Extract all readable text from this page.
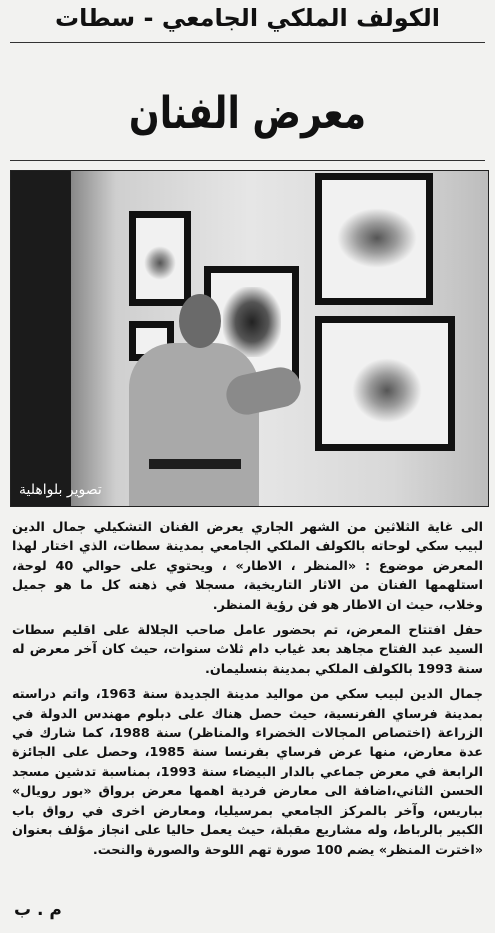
الكولف الملكي الجامعي - سطات
معرض الفنان
تصوير بلواهلية

الى غاية الثلاثين من الشهر الجاري يعرض الفنان التشكيلي جمال الدين لبيب سكي لوحاته بالكولف الملكي الجامعي بمدينة سطات، الذي اختار لهذا المعرض موضوع : «المنظر ، الاطار» ، ويحتوي على حوالي 40 لوحة، استلهمها الفنان من الاثار التاريخية، مسجلا في ذهنه كل ما هو جميل وخلاب، حيث ان الاطار هو فن رؤية المنظر.

حفل افتتاح المعرض، تم بحضور عامل صاحب الجلالة على اقليم سطات السيد عبد الفتاح مجاهد بعد غياب دام ثلاث سنوات، حيث كان آخر معرض له سنة 1993 بالكولف الملكي بمدينة بنسليمان.

جمال الدين لبيب سكي من مواليد مدينة الجديدة سنة 1963، واتم دراسته بمدينة فرساي الفرنسية، حيث حصل هناك على دبلوم مهندس الدولة في الزراعة (اختصاص المجالات الخضراء والمناظر) سنة 1988، كما شارك في عدة معارض، منها عرض فرساي بفرنسا سنة 1985، وحصل على الجائزة الرابعة في معرض جماعي بالدار البيضاء سنة 1993، بمناسبة تدشين مسجد الحسن الثاني،اضافة الى معارض فردية اهمها معرض برواق «بور رويال» بباريس، وآخر بالمركز الجامعي بمرسيليا، ومعارض اخرى في رواق باب الكبير بالرباط، وله مشاريع مقبلة، حيث يعمل حاليا على انجاز مؤلف بعنوان «اخترت المنظر» يضم 100 صورة تهم اللوحة والصورة والنحت.

م . ب
